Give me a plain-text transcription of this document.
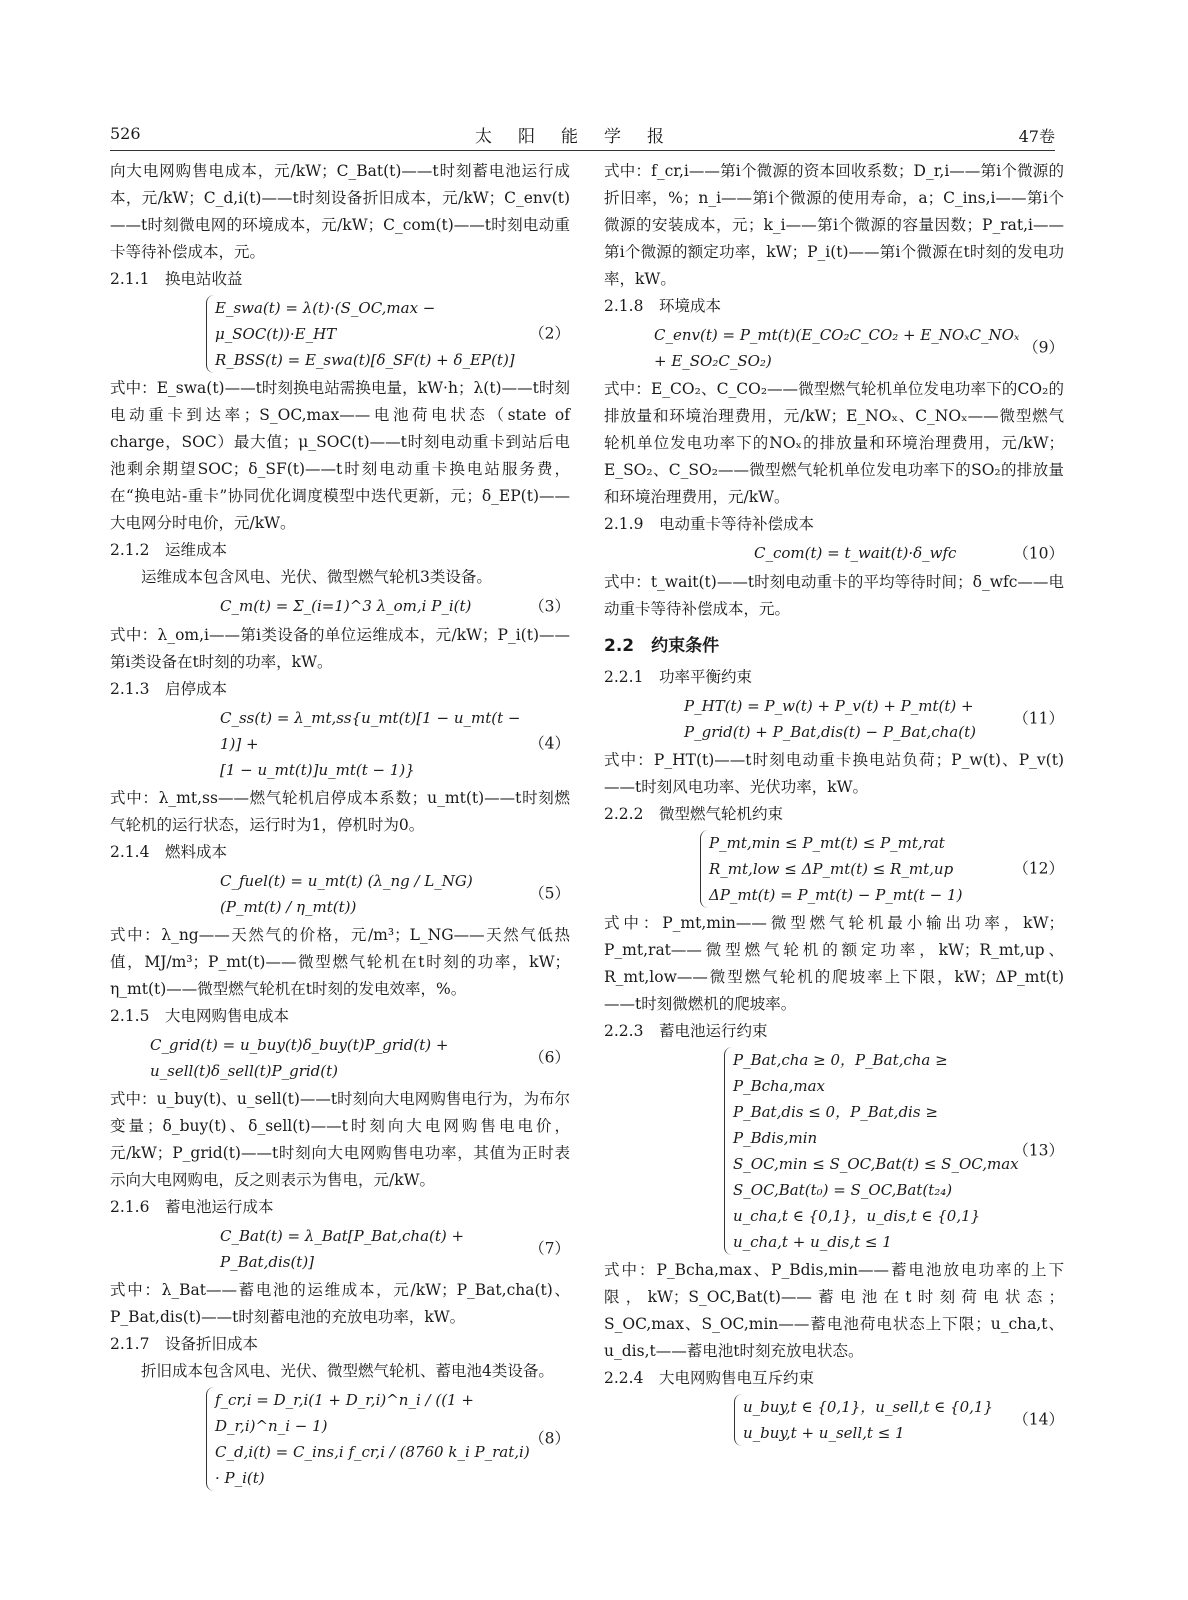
526	太阳能学报	47卷

向大电网购售电成本，元/kW；C_Bat(t)——t时刻蓄电池运行成本，元/kW；C_d,i(t)——t时刻设备折旧成本，元/kW；C_env(t)——t时刻微电网的环境成本，元/kW；C_com(t)——t时刻电动重卡等待补偿成本，元。

2.1.1　换电站收益

E_swa(t) = λ(t)·(S_OC,max − μ_SOC(t))·E_HT
R_BSS(t) = E_swa(t)[δ_SF(t) + δ_EP(t)]
（2）

式中：E_swa(t)——t时刻换电站需换电量，kW·h；λ(t)——t时刻电动重卡到达率；S_OC,max——电池荷电状态（state of charge，SOC）最大值；μ_SOC(t)——t时刻电动重卡到站后电池剩余期望SOC；δ_SF(t)——t时刻电动重卡换电站服务费，在“换电站-重卡”协同优化调度模型中迭代更新，元；δ_EP(t)——大电网分时电价，元/kW。

2.1.2　运维成本

运维成本包含风电、光伏、微型燃气轮机3类设备。

C_m(t) = Σ_(i=1)^3 λ_om,i P_i(t)	（3）

式中：λ_om,i——第i类设备的单位运维成本，元/kW；P_i(t)——第i类设备在t时刻的功率，kW。

2.1.3　启停成本

C_ss(t) = λ_mt,ss{u_mt(t)[1 − u_mt(t − 1)] +
[1 − u_mt(t)]u_mt(t − 1)}
（4）

式中：λ_mt,ss——燃气轮机启停成本系数；u_mt(t)——t时刻燃气轮机的运行状态，运行时为1，停机时为0。

2.1.4　燃料成本

C_fuel(t) = u_mt(t) (λ_ng / L_NG)(P_mt(t) / η_mt(t))
（5）

式中：λ_ng——天然气的价格，元/m³；L_NG——天然气低热值，MJ/m³；P_mt(t)——微型燃气轮机在t时刻的功率，kW；η_mt(t)——微型燃气轮机在t时刻的发电效率，%。

2.1.5　大电网购售电成本

C_grid(t) = u_buy(t)δ_buy(t)P_grid(t) + u_sell(t)δ_sell(t)P_grid(t)
（6）

式中：u_buy(t)、u_sell(t)——t时刻向大电网购售电行为，为布尔变量；δ_buy(t)、δ_sell(t)——t时刻向大电网购售电电价，元/kW；P_grid(t)——t时刻向大电网购售电功率，其值为正时表示向大电网购电，反之则表示为售电，元/kW。

2.1.6　蓄电池运行成本

C_Bat(t) = λ_Bat[P_Bat,cha(t) + P_Bat,dis(t)]
（7）

式中：λ_Bat——蓄电池的运维成本，元/kW；P_Bat,cha(t)、P_Bat,dis(t)——t时刻蓄电池的充放电功率，kW。

2.1.7　设备折旧成本

折旧成本包含风电、光伏、微型燃气轮机、蓄电池4类设备。

f_cr,i = D_r,i(1 + D_r,i)^n_i / ((1 + D_r,i)^n_i − 1)
C_d,i(t) = C_ins,i f_cr,i / (8760 k_i P_rat,i) · P_i(t)
（8）

式中：f_cr,i——第i个微源的资本回收系数；D_r,i——第i个微源的折旧率，%；n_i——第i个微源的使用寿命，a；C_ins,i——第i个微源的安装成本，元；k_i——第i个微源的容量因数；P_rat,i——第i个微源的额定功率，kW；P_i(t)——第i个微源在t时刻的发电功率，kW。

2.1.8　环境成本

C_env(t) = P_mt(t)(E_CO₂C_CO₂ + E_NOₓC_NOₓ + E_SO₂C_SO₂)
（9）

式中：E_CO₂、C_CO₂——微型燃气轮机单位发电功率下的CO₂的排放量和环境治理费用，元/kW；E_NOₓ、C_NOₓ——微型燃气轮机单位发电功率下的NOₓ的排放量和环境治理费用，元/kW；E_SO₂、C_SO₂——微型燃气轮机单位发电功率下的SO₂的排放量和环境治理费用，元/kW。

2.1.9　电动重卡等待补偿成本

C_com(t) = t_wait(t)·δ_wfc	（10）

式中：t_wait(t)——t时刻电动重卡的平均等待时间；δ_wfc——电动重卡等待补偿成本，元。

2.2　约束条件

2.2.1　功率平衡约束

P_HT(t) = P_w(t) + P_v(t) + P_mt(t) +
P_grid(t) + P_Bat,dis(t) − P_Bat,cha(t)
（11）

式中：P_HT(t)——t时刻电动重卡换电站负荷；P_w(t)、P_v(t)——t时刻风电功率、光伏功率，kW。

2.2.2　微型燃气轮机约束

P_mt,min ≤ P_mt(t) ≤ P_mt,rat
R_mt,low ≤ ΔP_mt(t) ≤ R_mt,up
ΔP_mt(t) = P_mt(t) − P_mt(t − 1)
（12）

式中：P_mt,min——微型燃气轮机最小输出功率，kW；P_mt,rat——微型燃气轮机的额定功率，kW；R_mt,up、R_mt,low——微型燃气轮机的爬坡率上下限，kW；ΔP_mt(t)——t时刻微燃机的爬坡率。

2.2.3　蓄电池运行约束

P_Bat,cha ≥ 0，P_Bat,cha ≥ P_Bcha,max
P_Bat,dis ≤ 0，P_Bat,dis ≥ P_Bdis,min
S_OC,min ≤ S_OC,Bat(t) ≤ S_OC,max
S_OC,Bat(t₀) = S_OC,Bat(t₂₄)
u_cha,t ∈ {0,1}，u_dis,t ∈ {0,1}
u_cha,t + u_dis,t ≤ 1
（13）

式中：P_Bcha,max、P_Bdis,min——蓄电池放电功率的上下限，kW；S_OC,Bat(t)——蓄电池在t时刻荷电状态；S_OC,max、S_OC,min——蓄电池荷电状态上下限；u_cha,t、u_dis,t——蓄电池t时刻充放电状态。

2.2.4　大电网购售电互斥约束

u_buy,t ∈ {0,1}，u_sell,t ∈ {0,1}
u_buy,t + u_sell,t ≤ 1
（14）
